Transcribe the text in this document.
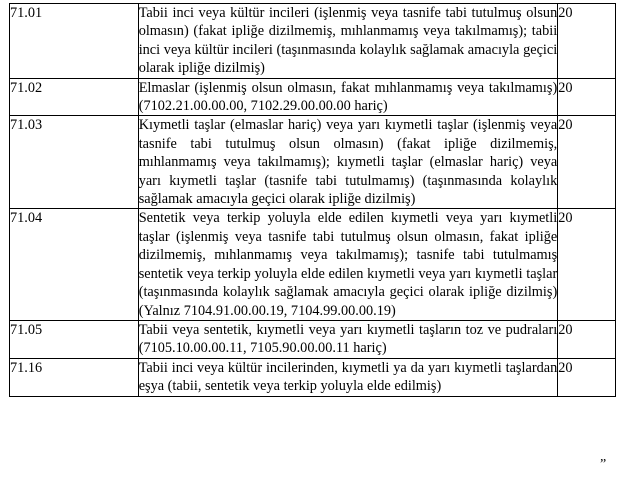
71.01	Tabii inci veya kültür incileri (işlenmiş veya tasnife tabi tutulmuş olsun olmasın) (fakat ipliğe dizilmemiş, mıhlanmamış veya takılmamış); tabii inci veya kültür incileri (taşınmasında kolaylık sağlamak amacıyla geçici olarak ipliğe dizilmiş)	20
71.02	Elmaslar (işlenmiş olsun olmasın, fakat mıhlanmamış veya takılmamış) (7102.21.00.00.00, 7102.29.00.00.00 hariç)	20
71.03	Kıymetli taşlar (elmaslar hariç) veya yarı kıymetli taşlar (işlenmiş veya tasnife tabi tutulmuş olsun olmasın) (fakat ipliğe dizilmemiş, mıhlanmamış veya takılmamış); kıymetli taşlar (elmaslar hariç) veya yarı kıymetli taşlar (tasnife tabi tutulmamış) (taşınmasında kolaylık sağlamak amacıyla geçici olarak ipliğe dizilmiş)	20
71.04	Sentetik veya terkip yoluyla elde edilen kıymetli veya yarı kıymetli taşlar (işlenmiş veya tasnife tabi tutulmuş olsun olmasın, fakat ipliğe dizilmemiş, mıhlanmamış veya takılmamış); tasnife tabi tutulmamış sentetik veya terkip yoluyla elde edilen kıymetli veya yarı kıymetli taşlar (taşınmasında kolaylık sağlamak amacıyla geçici olarak ipliğe dizilmiş) (Yalnız 7104.91.00.00.19, 7104.99.00.00.19)	20
71.05	Tabii veya sentetik, kıymetli veya yarı kıymetli taşların toz ve pudraları (7105.10.00.00.11, 7105.90.00.00.11 hariç)	20
71.16	Tabii inci veya kültür incilerinden, kıymetli ya da yarı kıymetli taşlardan eşya (tabii, sentetik veya terkip yoluyla elde edilmiş)	20
”
